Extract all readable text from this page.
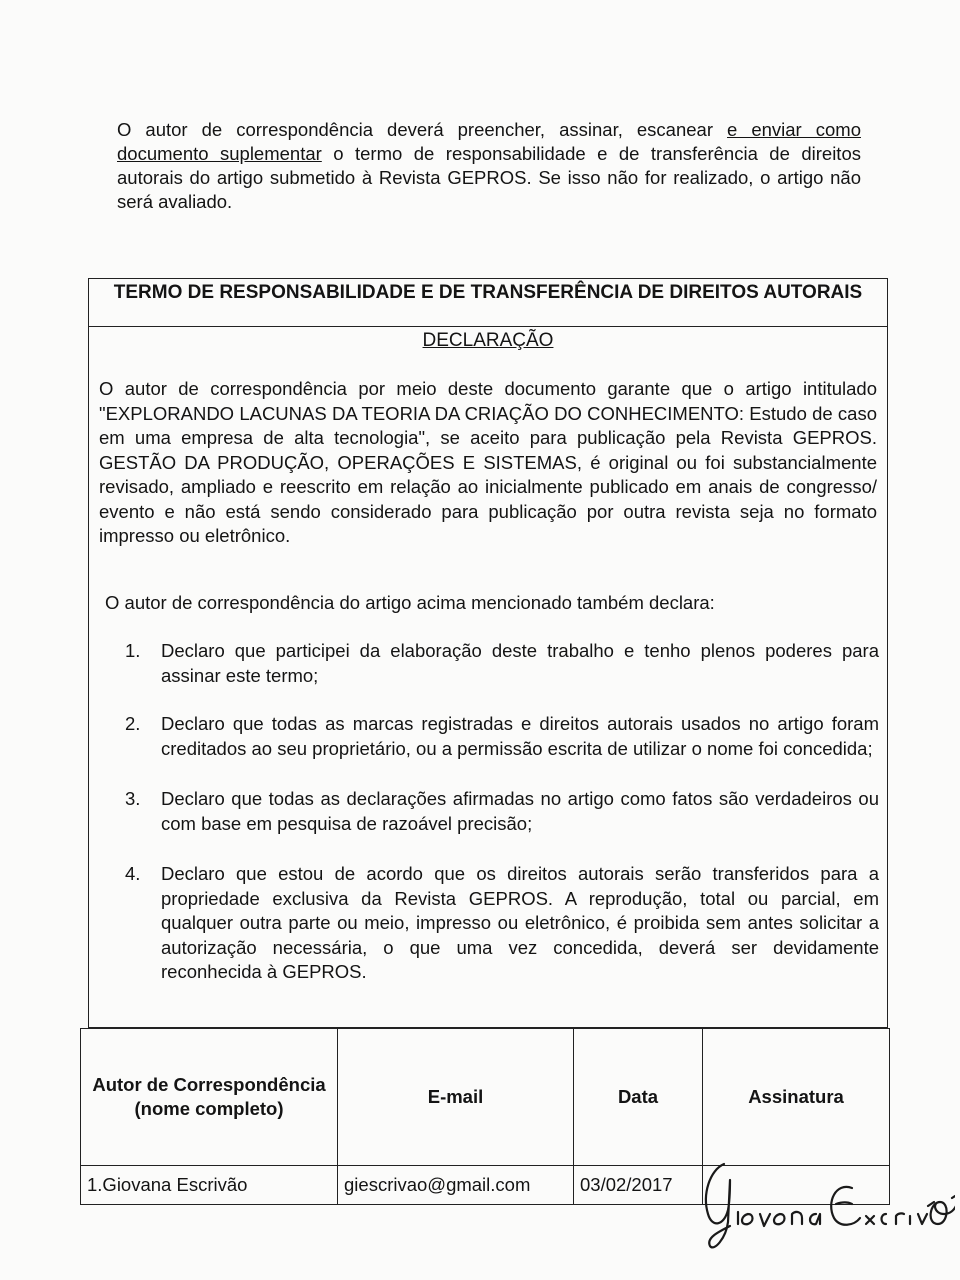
O autor de correspondência deverá preencher, assinar, escanear e enviar como documento suplementar o termo de responsabilidade e de transferência de direitos autorais do artigo submetido à Revista GEPROS. Se isso não for realizado, o artigo não será avaliado.
TERMO DE RESPONSABILIDADE E DE TRANSFERÊNCIA DE DIREITOS AUTORAIS
DECLARAÇÃO
O autor de correspondência por meio deste documento garante que o artigo intitulado "EXPLORANDO LACUNAS DA TEORIA DA CRIAÇÃO DO CONHECIMENTO: Estudo de caso em uma empresa de alta tecnologia", se aceito para publicação pela Revista GEPROS. GESTÃO DA PRODUÇÃO, OPERAÇÕES E SISTEMAS, é original ou foi substancialmente revisado, ampliado e reescrito em relação ao inicialmente publicado em anais de congresso/ evento e não está sendo considerado para publicação por outra revista seja no formato impresso ou eletrônico.
O autor de correspondência do artigo acima mencionado também declara:
1. Declaro que participei da elaboração deste trabalho e tenho plenos poderes para assinar este termo;
2. Declaro que todas as marcas registradas e direitos autorais usados no artigo foram creditados ao seu proprietário, ou a permissão escrita de utilizar o nome foi concedida;
3. Declaro que todas as declarações afirmadas no artigo como fatos são verdadeiros ou com base em pesquisa de razoável precisão;
4. Declaro que estou de acordo que os direitos autorais serão transferidos para a propriedade exclusiva da Revista GEPROS. A reprodução, total ou parcial, em qualquer outra parte ou meio, impresso ou eletrônico, é proibida sem antes solicitar a autorização necessária, o que uma vez concedida, deverá ser devidamente reconhecida à GEPROS.
Autor de Correspondência (nome completo)	E-mail	Data	Assinatura
1.Giovana Escrivão	giescrivao@gmail.com	03/02/2017	
